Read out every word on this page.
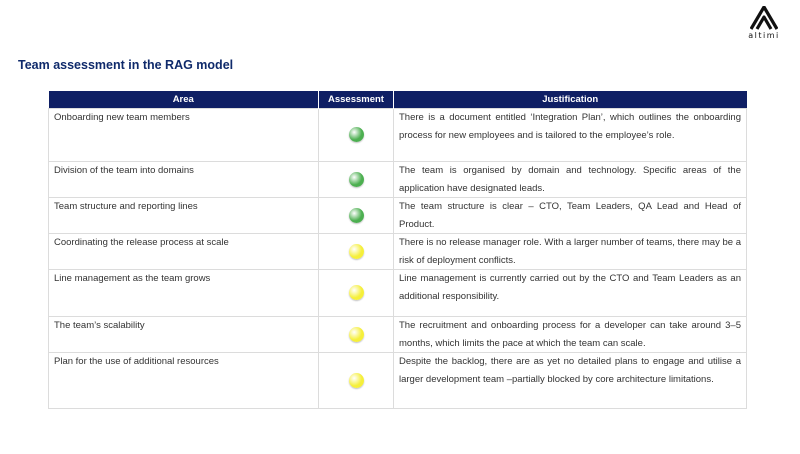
altimi
Team assessment in the RAG model
Area	Assessment	Justification
Onboarding new team members		There is a document entitled ‘Integration Plan’, which outlines the onboarding process for new employees and is tailored to the employee’s role.
Division of the team into domains		The team is organised by domain and technology. Specific areas of the application have designated leads.
Team structure and reporting lines		The team structure is clear – CTO, Team Leaders, QA Lead and Head of Product.
Coordinating the release process at scale		There is no release manager role. With a larger number of teams, there may be a risk of deployment conflicts.
Line management as the team grows		Line management is currently carried out by the CTO and Team Leaders as an additional responsibility.
The team’s scalability		The recruitment and onboarding process for a developer can take around 3–5 months, which limits the pace at which the team can scale.
Plan for the use of additional resources		Despite the backlog, there are as yet no detailed plans to engage and utilise a larger development team –partially blocked by core architecture limitations.
